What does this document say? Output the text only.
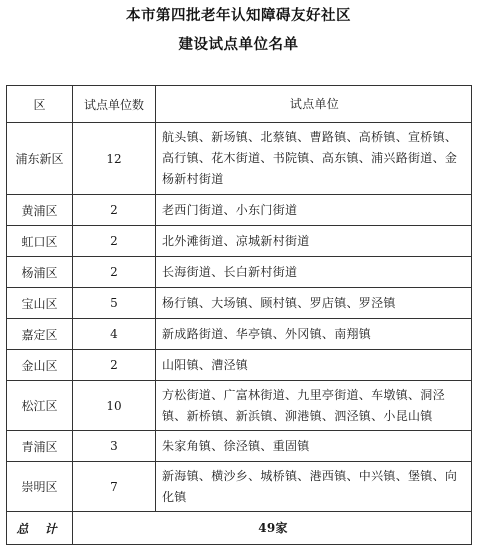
本市第四批老年认知障碍友好社区
建设试点单位名单
区	试点单位数	试点单位
浦东新区	12	航头镇、新场镇、北蔡镇、曹路镇、高桥镇、宣桥镇、高行镇、花木街道、书院镇、高东镇、浦兴路街道、金杨新村街道
黄浦区	2	老西门街道、小东门街道
虹口区	2	北外滩街道、凉城新村街道
杨浦区	2	长海街道、长白新村街道
宝山区	5	杨行镇、大场镇、顾村镇、罗店镇、罗泾镇
嘉定区	4	新成路街道、华亭镇、外冈镇、南翔镇
金山区	2	山阳镇、漕泾镇
松江区	10	方松街道、广富林街道、九里亭街道、车墩镇、洞泾镇、新桥镇、新浜镇、泖港镇、泗泾镇、小昆山镇
青浦区	3	朱家角镇、徐泾镇、重固镇
崇明区	7	新海镇、横沙乡、城桥镇、港西镇、中兴镇、堡镇、向化镇
总 计	49家	
